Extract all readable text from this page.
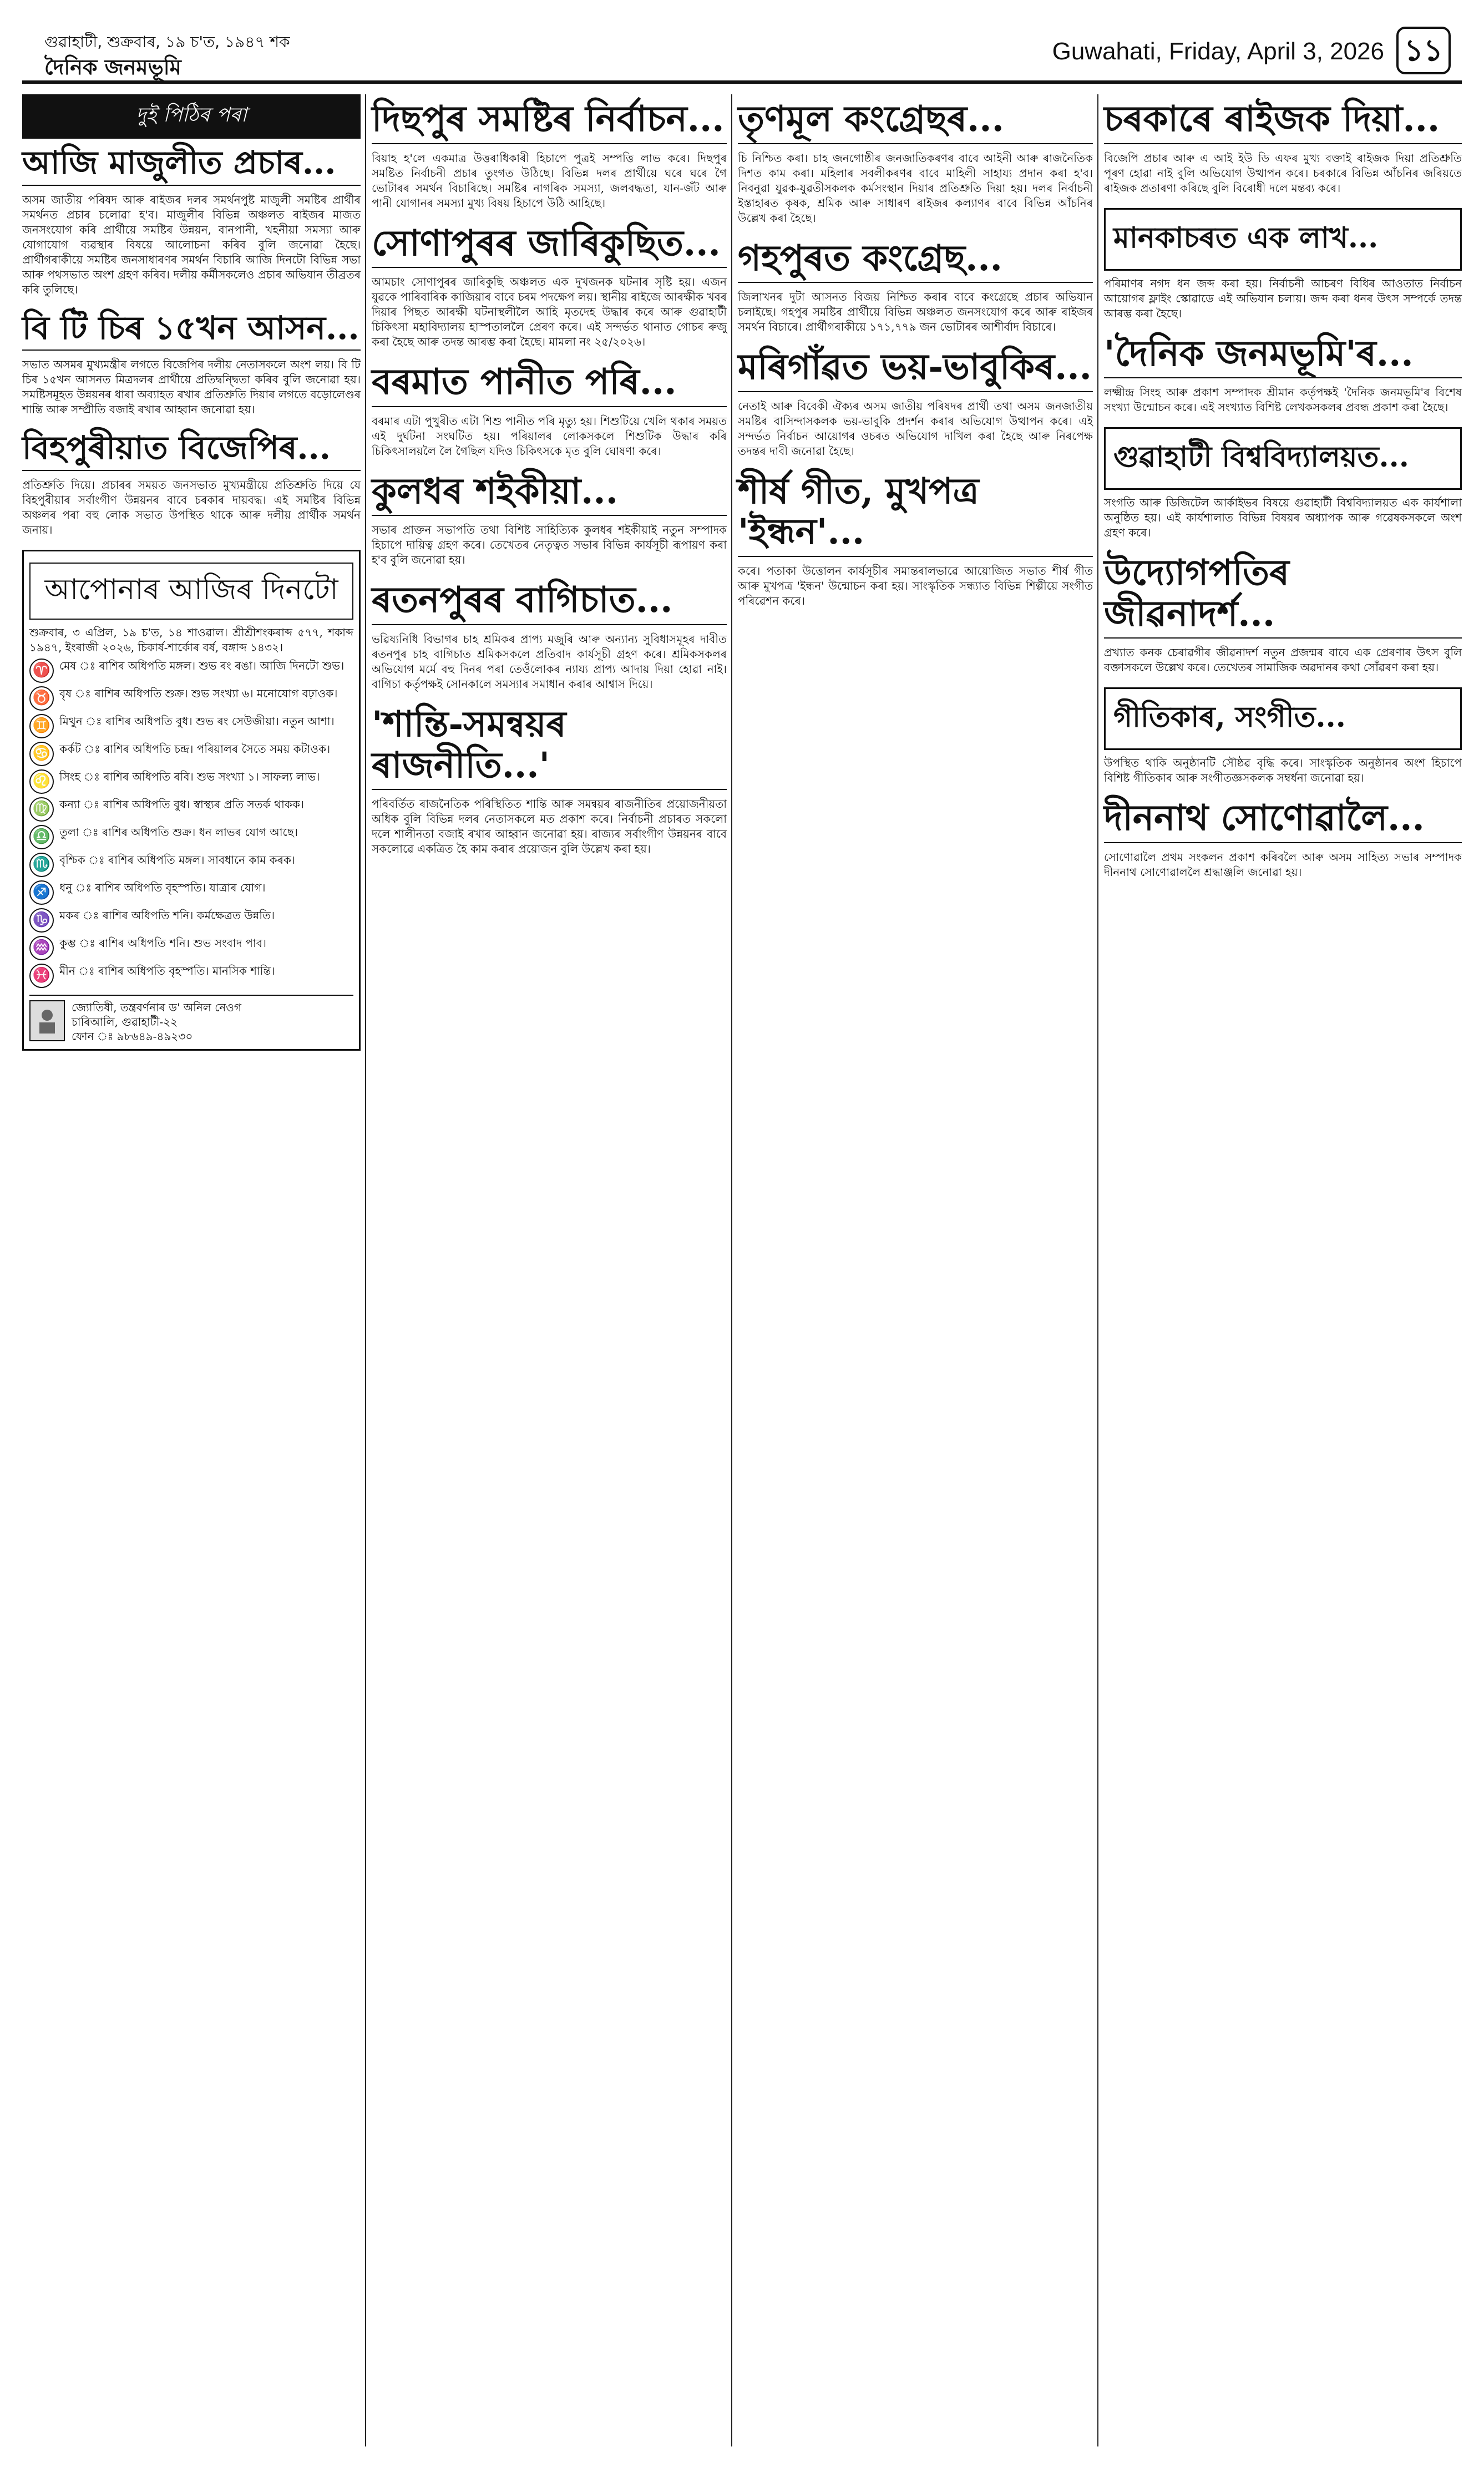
গুৱাহাটী, শুক্ৰবাৰ, ১৯ চ'ত, ১৯৪৭ শক
দৈনিক জনমভূমি
Guwahati, Friday, April 3, 2026 ১১
দুই পিঠিৰ পৰা
আজি মাজুলীত প্ৰচাৰ...
অসম জাতীয় পৰিষদ আৰু ৰাইজৰ দলৰ সমৰ্থনপুষ্ট মাজুলী সমষ্টিৰ প্ৰাৰ্থীৰ সমৰ্থনত প্ৰচাৰ চলোৱা হ'ব। মাজুলীৰ বিভিন্ন অঞ্চলত ৰাইজৰ মাজত জনসংযোগ কৰি প্ৰাৰ্থীয়ে সমষ্টিৰ উন্নয়ন, বানপানী, খহনীয়া সমস্যা আৰু যোগাযোগ ব্যৱস্থাৰ বিষয়ে আলোচনা কৰিব বুলি জনোৱা হৈছে। প্ৰাৰ্থীগৰাকীয়ে সমষ্টিৰ জনসাধাৰণৰ সমৰ্থন বিচাৰি আজি দিনটো বিভিন্ন সভা আৰু পথসভাত অংশ গ্ৰহণ কৰিব। দলীয় কৰ্মীসকলেও প্ৰচাৰ অভিযান তীব্ৰতৰ কৰি তুলিছে।
বি টি চিৰ ১৫খন আসন...
সভাত অসমৰ মুখ্যমন্ত্ৰীৰ লগতে বিজেপিৰ দলীয় নেতাসকলে অংশ লয়। বি টি চিৰ ১৫খন আসনত মিত্ৰদলৰ প্ৰাৰ্থীয়ে প্ৰতিদ্বন্দ্বিতা কৰিব বুলি জনোৱা হয়। সমষ্টিসমূহত উন্নয়নৰ ধাৰা অব্যাহত ৰখাৰ প্ৰতিশ্ৰুতি দিয়াৰ লগতে বড়োলেণ্ডৰ শান্তি আৰু সম্প্ৰীতি বজাই ৰখাৰ আহ্বান জনোৱা হয়।
বিহপুৰীয়াত বিজেপিৰ...
প্ৰতিশ্ৰুতি দিয়ে। প্ৰচাৰৰ সময়ত জনসভাত মুখ্যমন্ত্ৰীয়ে প্ৰতিশ্ৰুতি দিয়ে যে বিহপুৰীয়াৰ সৰ্বাংগীণ উন্নয়নৰ বাবে চৰকাৰ দায়বদ্ধ। এই সমষ্টিৰ বিভিন্ন অঞ্চলৰ পৰা বহু লোক সভাত উপস্থিত থাকে আৰু দলীয় প্ৰাৰ্থীক সমৰ্থন জনায়।
আপোনাৰ আজিৰ দিনটো
শুক্ৰবাৰ, ৩ এপ্ৰিল, ১৯ চ'ত, ১৪ শাওৱাল। শ্ৰীশ্ৰীশংকৰাব্দ ৫৭৭, শকাব্দ ১৯৪৭, ইংৰাজী ২০২৬, চিকাৰ্ষ-শাৰ্কোৰ বৰ্ষ, বঙ্গাব্দ ১৪৩২।
♈ মেষ ঃ ৰাশিৰ অধিপতি মঙ্গল। শুভ ৰং ৰঙা। আজি দিনটো শুভ।
♉ বৃষ ঃ ৰাশিৰ অধিপতি শুক্ৰ। শুভ সংখ্যা ৬। মনোযোগ বঢ়াওক।
♊ মিথুন ঃ ৰাশিৰ অধিপতি বুধ। শুভ ৰং সেউজীয়া। নতুন আশা।
♋ কৰ্কট ঃ ৰাশিৰ অধিপতি চন্দ্ৰ। পৰিয়ালৰ সৈতে সময় কটাওক।
♌ সিংহ ঃ ৰাশিৰ অধিপতি ৰবি। শুভ সংখ্যা ১। সাফল্য লাভ।
♍ কন্যা ঃ ৰাশিৰ অধিপতি বুধ। স্বাস্থ্যৰ প্ৰতি সতৰ্ক থাকক।
♎ তুলা ঃ ৰাশিৰ অধিপতি শুক্ৰ। ধন লাভৰ যোগ আছে।
♏ বৃশ্চিক ঃ ৰাশিৰ অধিপতি মঙ্গল। সাবধানে কাম কৰক।
♐ ধনু ঃ ৰাশিৰ অধিপতি বৃহস্পতি। যাত্ৰাৰ যোগ।
♑ মকৰ ঃ ৰাশিৰ অধিপতি শনি। কৰ্মক্ষেত্ৰত উন্নতি।
♒ কুম্ভ ঃ ৰাশিৰ অধিপতি শনি। শুভ সংবাদ পাব।
♓ মীন ঃ ৰাশিৰ অধিপতি বৃহস্পতি। মানসিক শান্তি।
জ্যোতিষী, তন্ত্ৰবৰ্ণনাৰ ড' অনিল নেওগ
চাৰিআলি, গুৱাহাটী-২২
ফোন ঃ ৯৮৬৪৯-৪৯২৩০
দিছপুৰ সমষ্টিৰ নিৰ্বাচন...
বিয়াহ হ'লে একমাত্ৰ উত্তৰাধিকাৰী হিচাপে পুত্ৰই সম্পত্তি লাভ কৰে। দিছপুৰ সমষ্টিত নিৰ্বাচনী প্ৰচাৰ তুংগত উঠিছে। বিভিন্ন দলৰ প্ৰাৰ্থীয়ে ঘৰে ঘৰে গৈ ভোটাৰৰ সমৰ্থন বিচাৰিছে। সমষ্টিৰ নাগৰিক সমস্যা, জলবদ্ধতা, যান-জঁট আৰু পানী যোগানৰ সমস্যা মুখ্য বিষয় হিচাপে উঠি আহিছে।
সোণাপুৰৰ জাৰিকুছিত...
আমচাং সোণাপুৰৰ জাৰিকুছি অঞ্চলত এক দুখজনক ঘটনাৰ সৃষ্টি হয়। এজন যুৱকে পাৰিবাৰিক কাজিয়াৰ বাবে চৰম পদক্ষেপ লয়। স্থানীয় ৰাইজে আৰক্ষীক খবৰ দিয়াৰ পিছত আৰক্ষী ঘটনাস্থলীলৈ আহি মৃতদেহ উদ্ধাৰ কৰে আৰু গুৱাহাটী চিকিৎসা মহাবিদ্যালয় হাস্পতাললৈ প্ৰেৰণ কৰে। এই সন্দৰ্ভত থানাত গোচৰ ৰুজু কৰা হৈছে আৰু তদন্ত আৰম্ভ কৰা হৈছে। মামলা নং ২৫/২০২৬।
বৰমাত পানীত পৰি...
বৰমাৰ এটা পুখুৰীত এটা শিশু পানীত পৰি মৃত্যু হয়। শিশুটিয়ে খেলি থকাৰ সময়ত এই দুৰ্ঘটনা সংঘটিত হয়। পৰিয়ালৰ লোকসকলে শিশুটিক উদ্ধাৰ কৰি চিকিৎসালয়লৈ লৈ গৈছিল যদিও চিকিৎসকে মৃত বুলি ঘোষণা কৰে।
কুলধৰ শইকীয়া...
সভাৰ প্ৰাক্তন সভাপতি তথা বিশিষ্ট সাহিত্যিক কুলধৰ শইকীয়াই নতুন সম্পাদক হিচাপে দায়িত্ব গ্ৰহণ কৰে। তেখেতৰ নেতৃত্বত সভাৰ বিভিন্ন কাৰ্যসূচী ৰূপায়ণ কৰা হ'ব বুলি জনোৱা হয়।
ৰতনপুৰৰ বাগিচাত...
ভৱিষ্যনিধি বিভাগৰ চাহ শ্ৰমিকৰ প্ৰাপ্য মজুৰি আৰু অন্যান্য সুবিধাসমূহৰ দাবীত ৰতনপুৰ চাহ বাগিচাত শ্ৰমিকসকলে প্ৰতিবাদ কাৰ্যসূচী গ্ৰহণ কৰে। শ্ৰমিকসকলৰ অভিযোগ মৰ্মে বহু দিনৰ পৰা তেওঁলোকৰ ন্যায্য প্ৰাপ্য আদায় দিয়া হোৱা নাই। বাগিচা কৰ্তৃপক্ষই সোনকালে সমস্যাৰ সমাধান কৰাৰ আশ্বাস দিয়ে।
'শান্তি-সমন্বয়ৰ ৰাজনীতি...'
পৰিবৰ্তিত ৰাজনৈতিক পৰিস্থিতিত শান্তি আৰু সমন্বয়ৰ ৰাজনীতিৰ প্ৰয়োজনীয়তা অধিক বুলি বিভিন্ন দলৰ নেতাসকলে মত প্ৰকাশ কৰে। নিৰ্বাচনী প্ৰচাৰত সকলো দলে শালীনতা বজাই ৰখাৰ আহ্বান জনোৱা হয়। ৰাজ্যৰ সৰ্বাংগীণ উন্নয়নৰ বাবে সকলোৱে একত্ৰিত হৈ কাম কৰাৰ প্ৰয়োজন বুলি উল্লেখ কৰা হয়।
তৃণমূল কংগ্ৰেছৰ...
চি নিশ্চিত কৰা। চাহ জনগোষ্ঠীৰ জনজাতিকৰণৰ বাবে আইনী আৰু ৰাজনৈতিক দিশত কাম কৰা। মহিলাৰ সবলীকৰণৰ বাবে মাহিলী সাহায্য প্ৰদান কৰা হ'ব। নিবনুৱা যুৱক-যুৱতীসকলক কৰ্মসংস্থান দিয়াৰ প্ৰতিশ্ৰুতি দিয়া হয়। দলৰ নিৰ্বাচনী ইস্তাহাৰত কৃষক, শ্ৰমিক আৰু সাধাৰণ ৰাইজৰ কল্যাণৰ বাবে বিভিন্ন আঁচনিৰ উল্লেখ কৰা হৈছে।
গহপুৰত কংগ্ৰেছ...
জিলাখনৰ দুটা আসনত বিজয় নিশ্চিত কৰাৰ বাবে কংগ্ৰেছে প্ৰচাৰ অভিযান চলাইছে। গহপুৰ সমষ্টিৰ প্ৰাৰ্থীয়ে বিভিন্ন অঞ্চলত জনসংযোগ কৰে আৰু ৰাইজৰ সমৰ্থন বিচাৰে। প্ৰাৰ্থীগৰাকীয়ে ১৭১,৭৭৯ জন ভোটাৰৰ আশীৰ্বাদ বিচাৰে।
মৰিগাঁৱত ভয়-ভাবুকিৰ...
নেতাই আৰু বিবেকী ঐক্যৰ অসম জাতীয় পৰিষদৰ প্ৰাৰ্থী তথা অসম জনজাতীয় সমষ্টিৰ বাসিন্দাসকলক ভয়-ভাবুকি প্ৰদৰ্শন কৰাৰ অভিযোগ উত্থাপন কৰে। এই সন্দৰ্ভত নিৰ্বাচন আয়োগৰ ওচৰত অভিযোগ দাখিল কৰা হৈছে আৰু নিৰপেক্ষ তদন্তৰ দাবী জনোৱা হৈছে।
শীৰ্ষ গীত, মুখপত্ৰ 'ইন্ধন'...
কৰে। পতাকা উত্তোলন কাৰ্যসূচীৰ সমান্তৰালভাৱে আয়োজিত সভাত শীৰ্ষ গীত আৰু মুখপত্ৰ 'ইন্ধন' উন্মোচন কৰা হয়। সাংস্কৃতিক সন্ধ্যাত বিভিন্ন শিল্পীয়ে সংগীত পৰিৱেশন কৰে।
চৰকাৰে ৰাইজক দিয়া...
বিজেপি প্ৰচাৰ আৰু এ আই ইউ ডি এফৰ মুখ্য বক্তাই ৰাইজক দিয়া প্ৰতিশ্ৰুতি পূৰণ হোৱা নাই বুলি অভিযোগ উত্থাপন কৰে। চৰকাৰে বিভিন্ন আঁচনিৰ জৰিয়তে ৰাইজক প্ৰতাৰণা কৰিছে বুলি বিৰোধী দলে মন্তব্য কৰে।
মানকাচৰত এক লাখ...
পৰিমাণৰ নগদ ধন জব্দ কৰা হয়। নিৰ্বাচনী আচৰণ বিধিৰ আওতাত নিৰ্বাচন আয়োগৰ ফ্লাইং স্কোৱাডে এই অভিযান চলায়। জব্দ কৰা ধনৰ উৎস সম্পৰ্কে তদন্ত আৰম্ভ কৰা হৈছে।
'দৈনিক জনমভূমি'ৰ...
লক্ষ্মীন্দ্ৰ সিংহ আৰু প্ৰকাশ সম্পাদক শ্ৰীমান কৰ্তৃপক্ষই 'দৈনিক জনমভূমি'ৰ বিশেষ সংখ্যা উন্মোচন কৰে। এই সংখ্যাত বিশিষ্ট লেখকসকলৰ প্ৰবন্ধ প্ৰকাশ কৰা হৈছে।
গুৱাহাটী বিশ্ববিদ্যালয়ত...
সংগতি আৰু ডিজিটেল আৰ্কাইভৰ বিষয়ে গুৱাহাটী বিশ্ববিদ্যালয়ত এক কাৰ্যশালা অনুষ্ঠিত হয়। এই কাৰ্যশালাত বিভিন্ন বিষয়ৰ অধ্যাপক আৰু গৱেষকসকলে অংশ গ্ৰহণ কৰে।
উদ্যোগপতিৰ জীৱনাদৰ্শ...
প্ৰখ্যাত কনক চেৰাৱগীৰ জীৱনাদৰ্শ নতুন প্ৰজন্মৰ বাবে এক প্ৰেৰণাৰ উৎস বুলি বক্তাসকলে উল্লেখ কৰে। তেখেতৰ সামাজিক অৱদানৰ কথা সোঁৱৰণ কৰা হয়।
গীতিকাৰ, সংগীত...
উপস্থিত থাকি অনুষ্ঠানটি সৌষ্ঠৱ বৃদ্ধি কৰে। সাংস্কৃতিক অনুষ্ঠানৰ অংশ হিচাপে বিশিষ্ট গীতিকাৰ আৰু সংগীতজ্ঞসকলক সম্বৰ্ধনা জনোৱা হয়।
দীননাথ সোণোৱালৈ...
সোণোৱালৈ প্ৰথম সংকলন প্ৰকাশ কৰিবলৈ আৰু অসম সাহিত্য সভাৰ সম্পাদক দীননাথ সোণোৱাললৈ শ্ৰদ্ধাঞ্জলি জনোৱা হয়।
